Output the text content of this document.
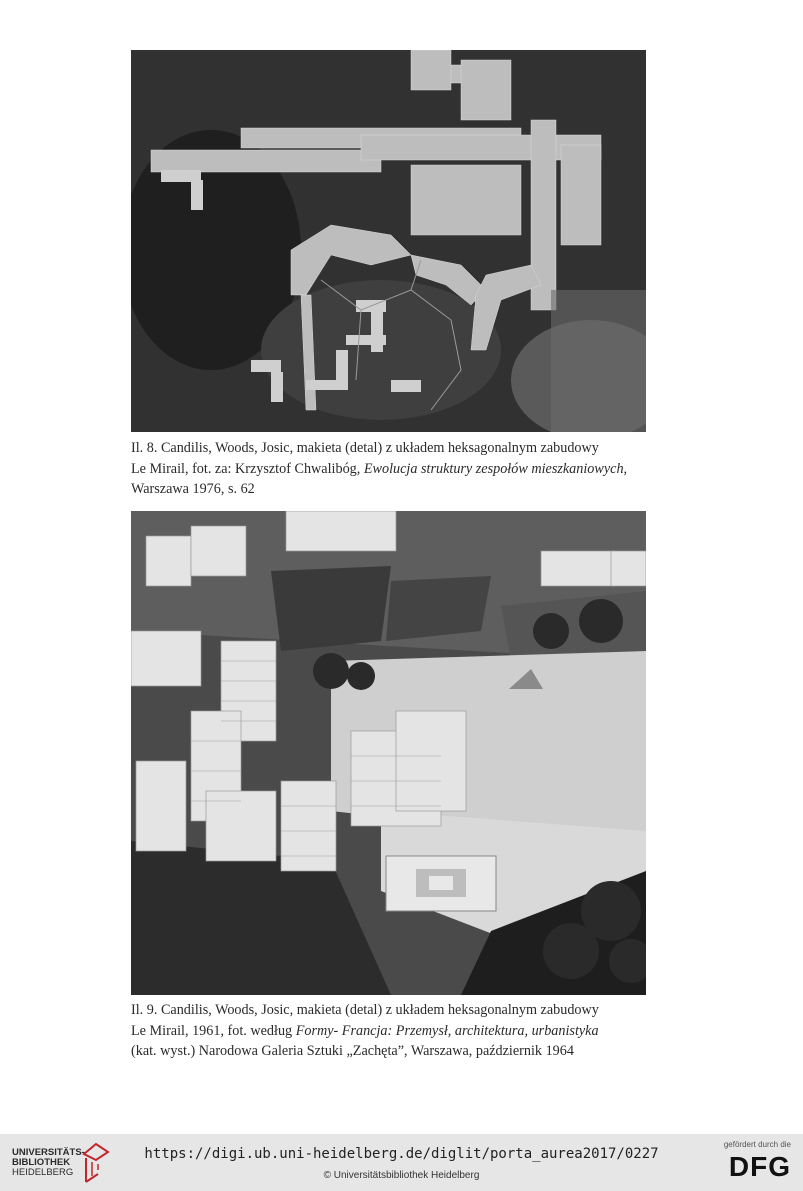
Il. 8. Candilis, Woods, Josic, makieta (detal) z układem heksagonalnym zabudowy
Le Mirail, fot. za: Krzysztof Chwalibóg, Ewolucja struktury zespołów mieszkaniowych,
Warszawa 1976, s. 62
Il. 9. Candilis, Woods, Josic, makieta (detal) z układem heksagonalnym zabudowy
Le Mirail, 1961, fot. według Formy- Francja: Przemysł, architektura, urbanistyka
(kat. wyst.) Narodowa Galeria Sztuki „Zachęta”, Warszawa, październik 1964
UNIVERSITÄTS-
BIBLIOTHEK
HEIDELBERG
https://digi.ub.uni-heidelberg.de/diglit/porta_aurea2017/0227
© Universitätsbibliothek Heidelberg
gefördert durch die
DFG
